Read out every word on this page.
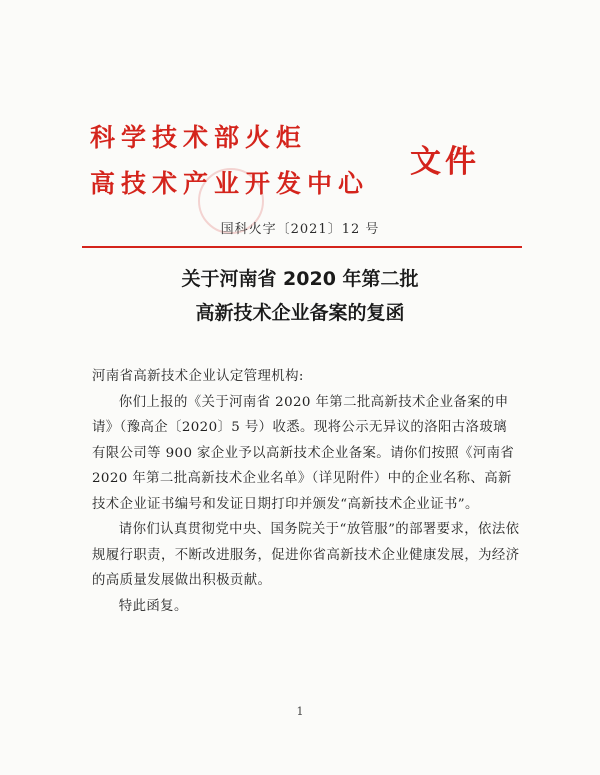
科学技术部火炬
高技术产业开发中心
文件
国科火字〔2021〕12 号
关于河南省 2020 年第二批
高新技术企业备案的复函

河南省高新技术企业认定管理机构:

你们上报的《关于河南省 2020 年第二批高新技术企业备案的申请》（豫高企〔2020〕5 号）收悉。现将公示无异议的洛阳古洛玻璃有限公司等 900 家企业予以高新技术企业备案。请你们按照《河南省 2020 年第二批高新技术企业名单》（详见附件）中的企业名称、高新技术企业证书编号和发证日期打印并颁发“高新技术企业证书”。

请你们认真贯彻党中央、国务院关于“放管服”的部署要求，依法依规履行职责，不断改进服务，促进你省高新技术企业健康发展，为经济的高质量发展做出积极贡献。

特此函复。

1
